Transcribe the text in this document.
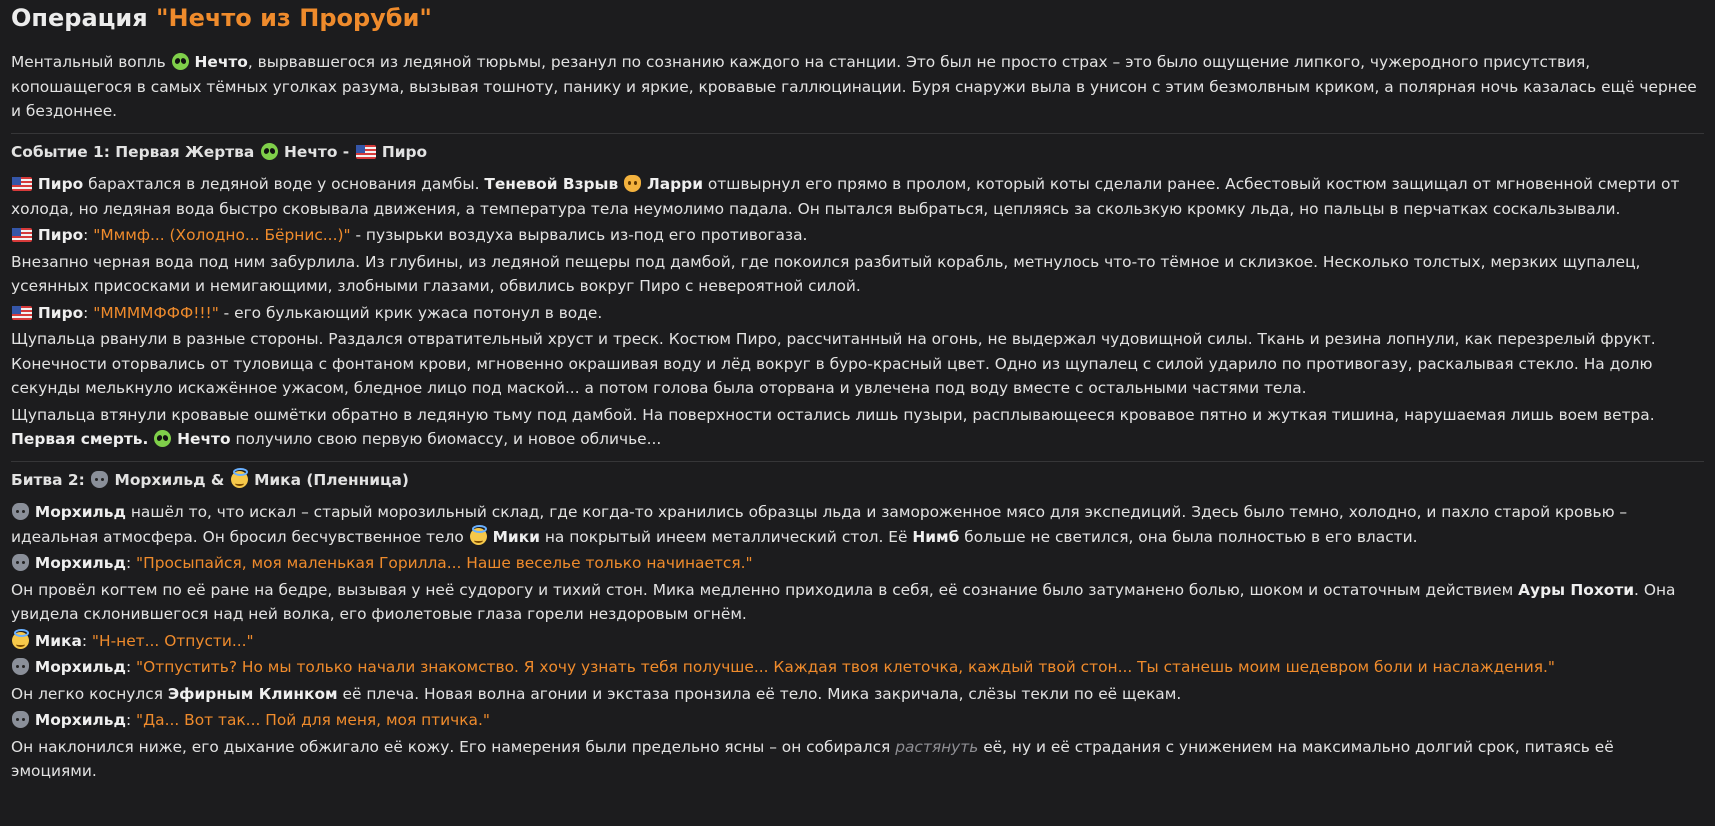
Операция "Нечто из Проруби"

Ментальный вопль Нечто, вырвавшегося из ледяной тюрьмы, резанул по сознанию каждого на станции. Это был не просто страх – это было ощущение липкого, чужеродного присутствия, копошащегося в самых тёмных уголках разума, вызывая тошноту, панику и яркие, кровавые галлюцинации. Буря снаружи выла в унисон с этим безмолвным криком, а полярная ночь казалась ещё чернее и бездоннее.

Событие 1: Первая Жертва Нечто - Пиро

Пиро барахтался в ледяной воде у основания дамбы. Теневой Взрыв Ларри отшвырнул его прямо в пролом, который коты сделали ранее. Асбестовый костюм защищал от мгновенной смерти от холода, но ледяная вода быстро сковывала движения, а температура тела неумолимо падала. Он пытался выбраться, цепляясь за скользкую кромку льда, но пальцы в перчатках соскальзывали.

Пиро: "Мммф... (Холодно... Бёрнис...)" - пузырьки воздуха вырвались из-под его противогаза.

Внезапно черная вода под ним забурлила. Из глубины, из ледяной пещеры под дамбой, где покоился разбитый корабль, метнулось что-то тёмное и склизкое. Несколько толстых, мерзких щупалец, усеянных присосками и немигающими, злобными глазами, обвились вокруг Пиро с невероятной силой.

Пиро: "ММММФФФ!!!" - его булькающий крик ужаса потонул в воде.

Щупальца рванули в разные стороны. Раздался отвратительный хруст и треск. Костюм Пиро, рассчитанный на огонь, не выдержал чудовищной силы. Ткань и резина лопнули, как перезрелый фрукт. Конечности оторвались от туловища с фонтаном крови, мгновенно окрашивая воду и лёд вокруг в буро-красный цвет. Одно из щупалец с силой ударило по противогазу, раскалывая стекло. На долю секунды мелькнуло искажённое ужасом, бледное лицо под маской... а потом голова была оторвана и увлечена под воду вместе с остальными частями тела.

Щупальца втянули кровавые ошмётки обратно в ледяную тьму под дамбой. На поверхности остались лишь пузыри, расплывающееся кровавое пятно и жуткая тишина, нарушаемая лишь воем ветра. Первая смерть. Нечто получило свою первую биомассу, и новое обличье...

Битва 2: Морхильд & Мика (Пленница)

Морхильд нашёл то, что искал – старый морозильный склад, где когда-то хранились образцы льда и замороженное мясо для экспедиций. Здесь было темно, холодно, и пахло старой кровью – идеальная атмосфера. Он бросил бесчувственное тело Мики на покрытый инеем металлический стол. Её Нимб больше не светился, она была полностью в его власти.

Морхильд: "Просыпайся, моя маленькая Горилла... Наше веселье только начинается."

Он провёл когтем по её ране на бедре, вызывая у неё судорогу и тихий стон. Мика медленно приходила в себя, её сознание было затуманено болью, шоком и остаточным действием Ауры Похоти. Она увидела склонившегося над ней волка, его фиолетовые глаза горели нездоровым огнём.

Мика: "Н-нет... Отпусти..."

Морхильд: "Отпустить? Но мы только начали знакомство. Я хочу узнать тебя получше... Каждая твоя клеточка, каждый твой стон... Ты станешь моим шедевром боли и наслаждения."

Он легко коснулся Эфирным Клинком её плеча. Новая волна агонии и экстаза пронзила её тело. Мика закричала, слёзы текли по её щекам.

Морхильд: "Да... Вот так... Пой для меня, моя птичка."

Он наклонился ниже, его дыхание обжигало её кожу. Его намерения были предельно ясны – он собирался растянуть её, ну и её страдания с унижением на максимально долгий срок, питаясь её эмоциями.
